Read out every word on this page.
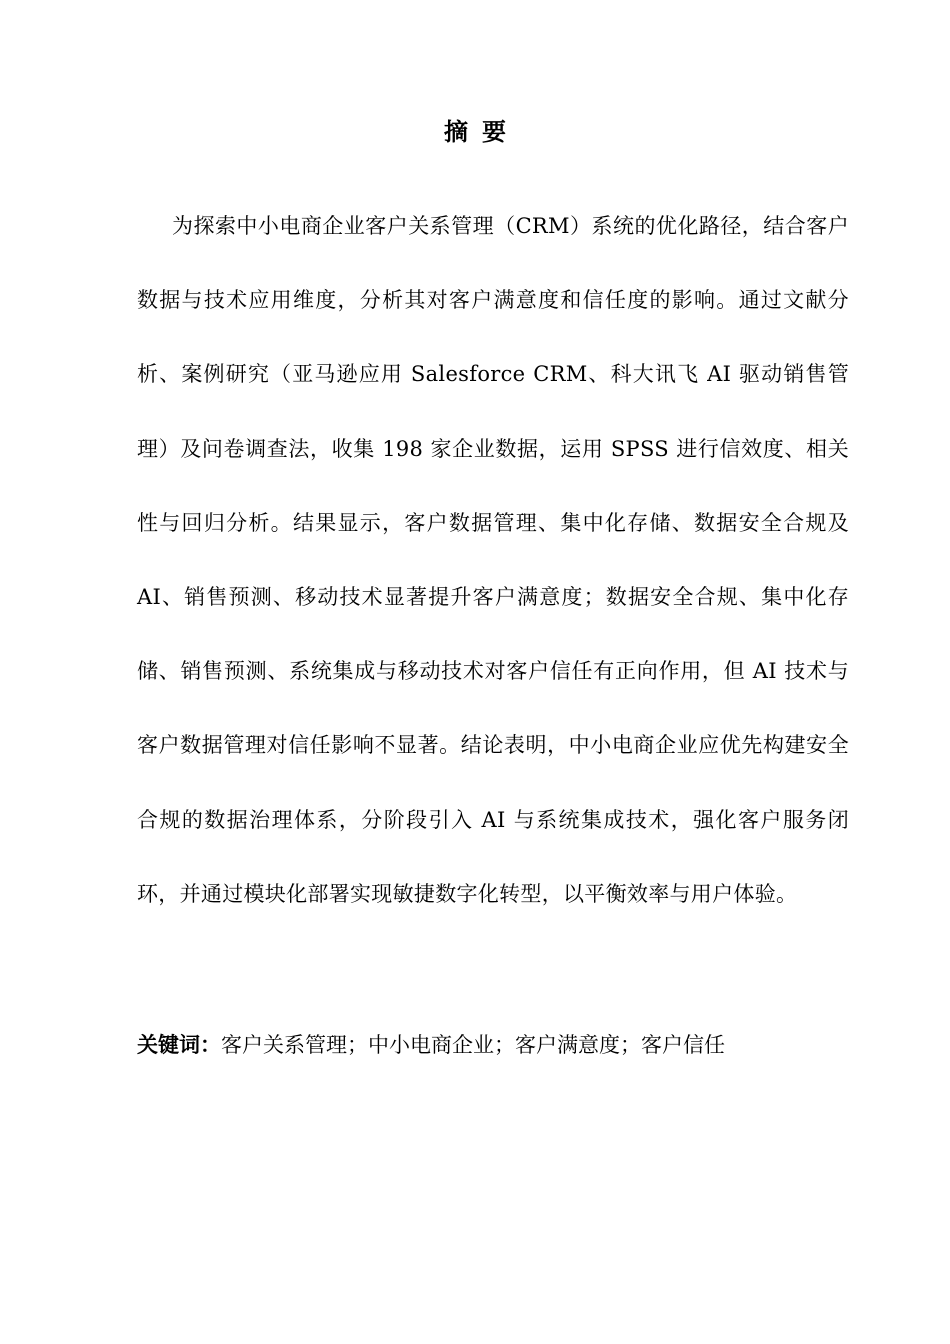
摘要

为探索中小电商企业客户关系管理（CRM）系统的优化路径，结合客户数据与技术应用维度，分析其对客户满意度和信任度的影响。通过文献分析、案例研究（亚马逊应用 Salesforce CRM、科大讯飞 AI 驱动销售管理）及问卷调查法，收集 198 家企业数据，运用 SPSS 进行信效度、相关性与回归分析。结果显示，客户数据管理、集中化存储、数据安全合规及 AI、销售预测、移动技术显著提升客户满意度；数据安全合规、集中化存储、销售预测、系统集成与移动技术对客户信任有正向作用，但 AI 技术与客户数据管理对信任影响不显著。结论表明，中小电商企业应优先构建安全合规的数据治理体系，分阶段引入 AI 与系统集成技术，强化客户服务闭环，并通过模块化部署实现敏捷数字化转型，以平衡效率与用户体验。

关键词：客户关系管理；中小电商企业；客户满意度；客户信任
